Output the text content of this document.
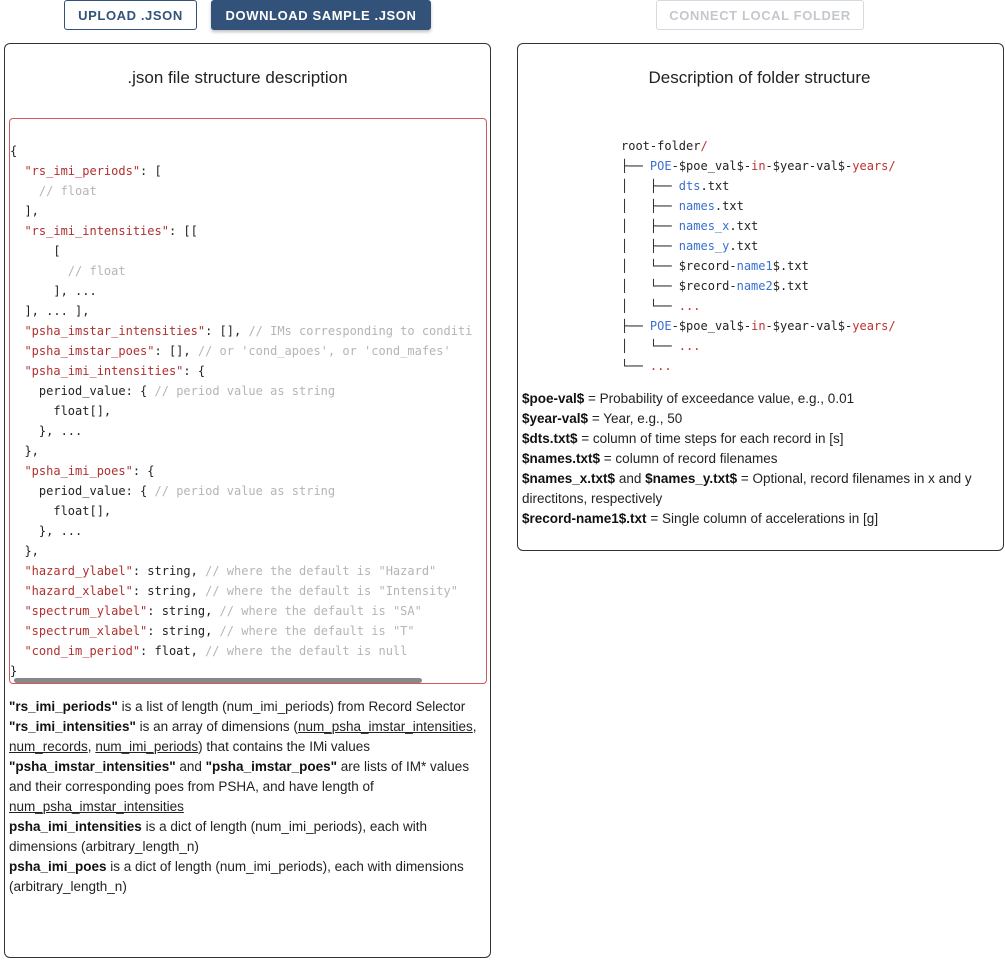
UPLOAD .JSON	DOWNLOAD SAMPLE .JSON	CONNECT LOCAL FOLDER
.json file structure description
{
"rs_imi_periods": [
// float
],
"rs_imi_intensities": [[
[
// float
], ...
], ... ],
"psha_imstar_intensities": [], // IMs corresponding to conditi
"psha_imstar_poes": [], // or 'cond_apoes', or 'cond_mafes'
"psha_imi_intensities": {
period_value: { // period value as string
float[],
}, ...
},
"psha_imi_poes": {
period_value: { // period value as string
float[],
}, ...
},
"hazard_ylabel": string, // where the default is "Hazard"
"hazard_xlabel": string, // where the default is "Intensity"
"spectrum_ylabel": string, // where the default is "SA"
"spectrum_xlabel": string, // where the default is "T"
"cond_im_period": float, // where the default is null
}
"rs_imi_periods" is a list of length (num_imi_periods) from Record Selector
"rs_imi_intensities" is an array of dimensions (num_psha_imstar_intensities, num_records, num_imi_periods) that contains the IMi values
"psha_imstar_intensities" and "psha_imstar_poes" are lists of IM* values and their corresponding poes from PSHA, and have length of num_psha_imstar_intensities
psha_imi_intensities is a dict of length (num_imi_periods), each with dimensions (arbitrary_length_n)
psha_imi_poes is a dict of length (num_imi_periods), each with dimensions (arbitrary_length_n)
Description of folder structure
root-folder/
├── POE-$poe_val$-in-$year-val$-years/
│   ├── dts.txt
│   ├── names.txt
│   ├── names_x.txt
│   ├── names_y.txt
│   └── $record-name1$.txt
│   └── $record-name2$.txt
│   └── ...
├── POE-$poe_val$-in-$year-val$-years/
│   └── ...
└── ...
$poe-val$ = Probability of exceedance value, e.g., 0.01
$year-val$ = Year, e.g., 50
$dts.txt$ = column of time steps for each record in [s]
$names.txt$ = column of record filenames
$names_x.txt$ and $names_y.txt$ = Optional, record filenames in x and y directitons, respectively
$record-name1$.txt = Single column of accelerations in [g]
